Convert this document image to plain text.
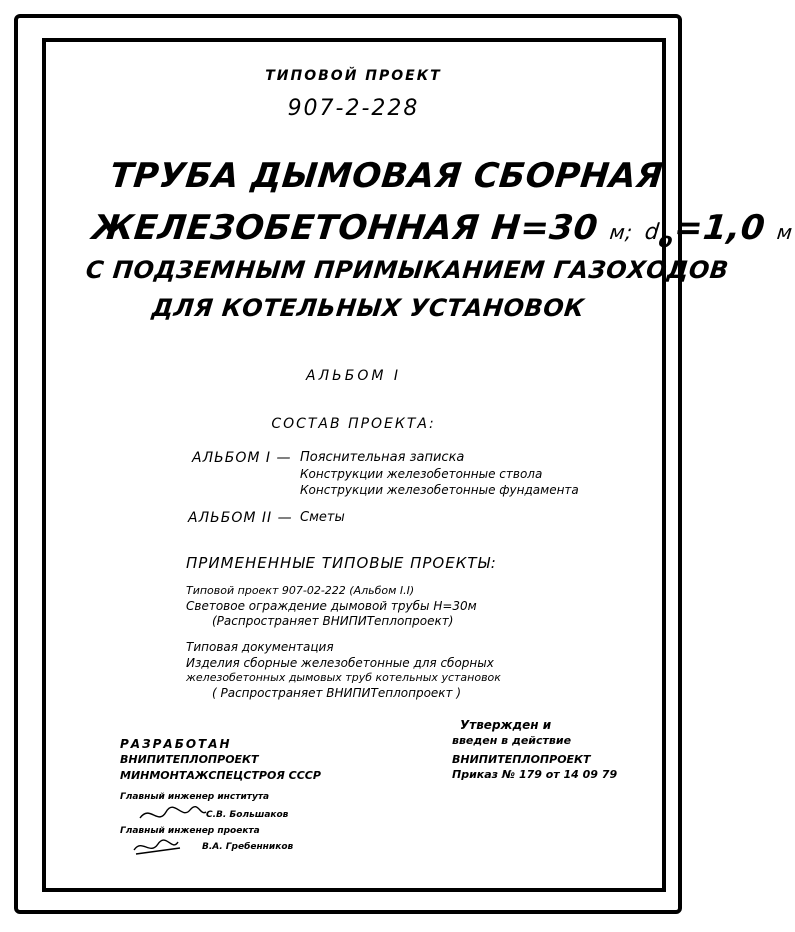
ТИПОВОЙ ПРОЕКТ
907-2-228
ТРУБА ДЫМОВАЯ СБОРНАЯ
ЖЕЛЕЗОБЕТОННАЯ Н=30 м; $d_о=1,0$ м
С ПОДЗЕМНЫМ ПРИМЫКАНИЕМ ГАЗОХОДОВ
ДЛЯ КОТЕЛЬНЫХ УСТАНОВОК
АЛЬБОМ I
СОСТАВ ПРОЕКТА:
АЛЬБОМ I — Пояснительная записка
Конструкции железобетонные ствола
Конструкции железобетонные фундамента
АЛЬБОМ II — Сметы
ПРИМЕНЕННЫЕ ТИПОВЫЕ ПРОЕКТЫ:
Типовой проект 907-02-222 (Альбом I.I)
Световое ограждение дымовой трубы Н=30м
(Распространяет ВНИПИТеплопроект)
Типовая документация
Изделия сборные железобетонные для сборных
железобетонных дымовых труб котельных установок
( Распространяет ВНИПИТеплопроект )
Утвержден и
введен в действие
ВНИПИТЕПЛОПРОЕКТ
Приказ № 179 от 14 09 79
РАЗРАБОТАН
ВНИПИТЕПЛОПРОЕКТ
МИНМОНТАЖСПЕЦСТРОЯ СССР
Главный инженер института
С.В. Большаков
Главный инженер проекта
В.А. Гребенников
